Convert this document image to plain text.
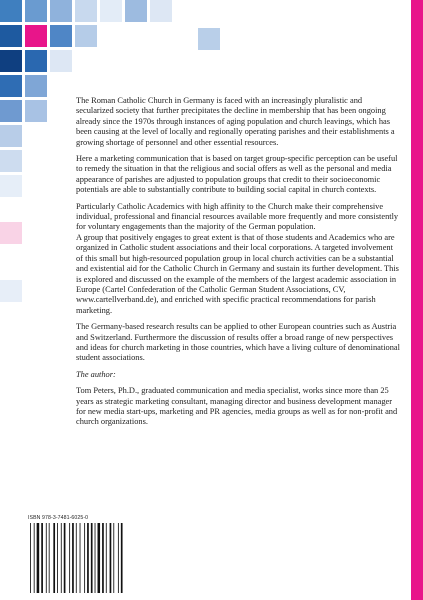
The Roman Catholic Church in Germany is faced with an increasingly pluralistic and secularized society that further precipitates the decline in membership that has been ongoing already since the 1970s through instances of aging population and church leavings, which has been causing at the level of locally and regionally operating parishes and their establishments a growing shortage of personnel and other essential resources.

Here a marketing communication that is based on target group-specific perception can be useful to remedy the situation in that the religious and social offers as well as the personal and media appearance of parishes are adjusted to population groups that credit to their socioeconomic potentials are able to substantially contribute to building social capital in church contexts.

Particularly Catholic Academics with high affinity to the Church make their comprehensive individual, professional and financial resources available more frequently and more consistently for voluntary engagements than the majority of the German population.

A group that positively engages to great extent is that of those students and Academics who are organized in Catholic student associations and their local corporations. A targeted involvement of this small but high-resourced population group in local church activities can be a substantial and existential aid for the Catholic Church in Germany and sustain its further development. This is explored and discussed on the example of the members of the largest academic association in Europe (Cartel Confederation of the Catholic German Student Associations, CV, www.cartellverband.de), and enriched with specific practical recommendations for parish marketing.

The Germany-based research results can be applied to other European countries such as Austria and Switzerland. Furthermore the discussion of results offer a broad range of new perspectives and ideas for church marketing in those countries, which have a living culture of denominational student associations.

The author:

Tom Peters, Ph.D., graduated communication and media specialist, works since more than 25 years as strategic marketing consultant, managing director and business development manager for new media start-ups, marketing and PR agencies, media groups as well as for non-profit and church organizations.

ISBN 978-3-7481-6025-0
